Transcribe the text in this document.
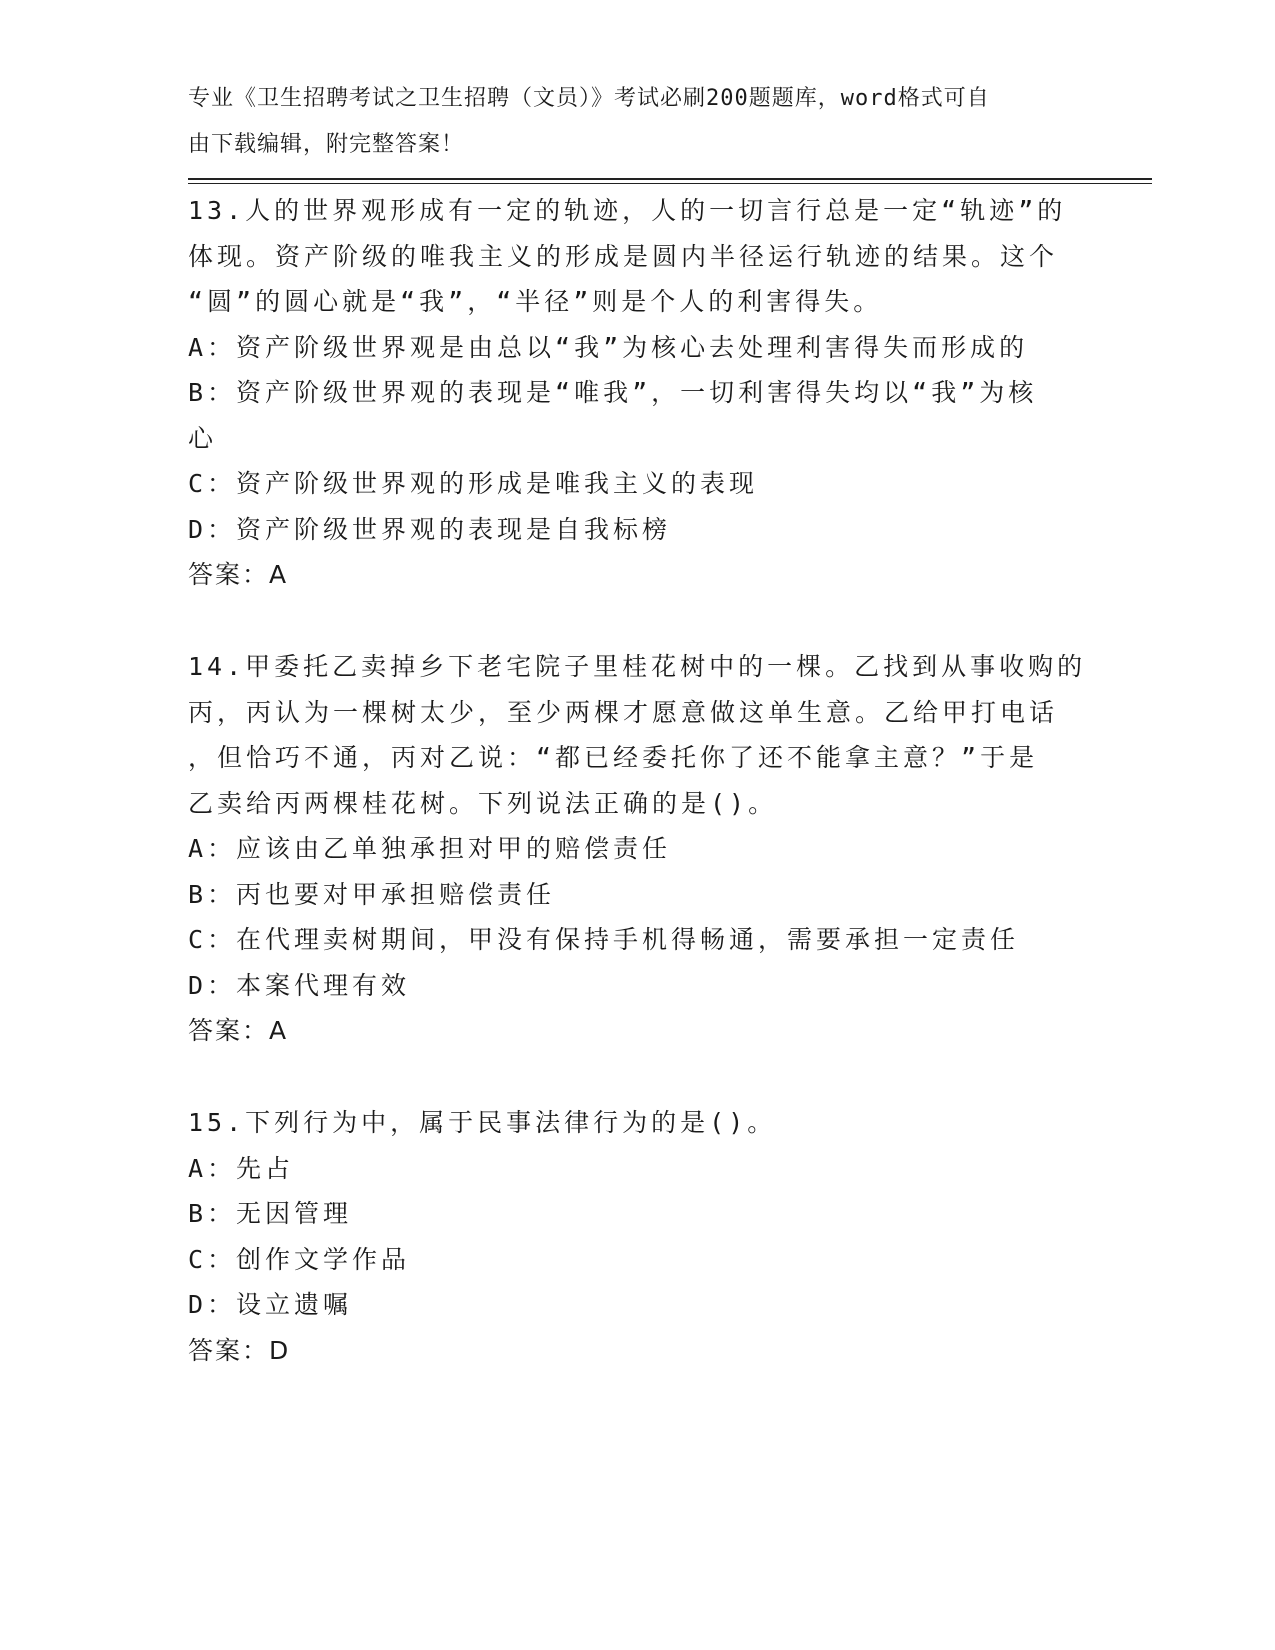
专业《卫生招聘考试之卫生招聘（文员）》考试必刷200题题库，word格式可自
由下载编辑，附完整答案！
13.人的世界观形成有一定的轨迹，人的一切言行总是一定“轨迹”的
体现。资产阶级的唯我主义的形成是圆内半径运行轨迹的结果。这个
“圆”的圆心就是“我”，“半径”则是个人的利害得失。
A：资产阶级世界观是由总以“我”为核心去处理利害得失而形成的
B：资产阶级世界观的表现是“唯我”，一切利害得失均以“我”为核
心
C：资产阶级世界观的形成是唯我主义的表现
D：资产阶级世界观的表现是自我标榜
答案：A
14.甲委托乙卖掉乡下老宅院子里桂花树中的一棵。乙找到从事收购的
丙，丙认为一棵树太少，至少两棵才愿意做这单生意。乙给甲打电话
，但恰巧不通，丙对乙说：“都已经委托你了还不能拿主意？”于是
乙卖给丙两棵桂花树。下列说法正确的是()。
A：应该由乙单独承担对甲的赔偿责任
B：丙也要对甲承担赔偿责任
C：在代理卖树期间，甲没有保持手机得畅通，需要承担一定责任
D：本案代理有效
答案：A
15.下列行为中，属于民事法律行为的是()。
A：先占
B：无因管理
C：创作文学作品
D：设立遗嘱
答案：D
